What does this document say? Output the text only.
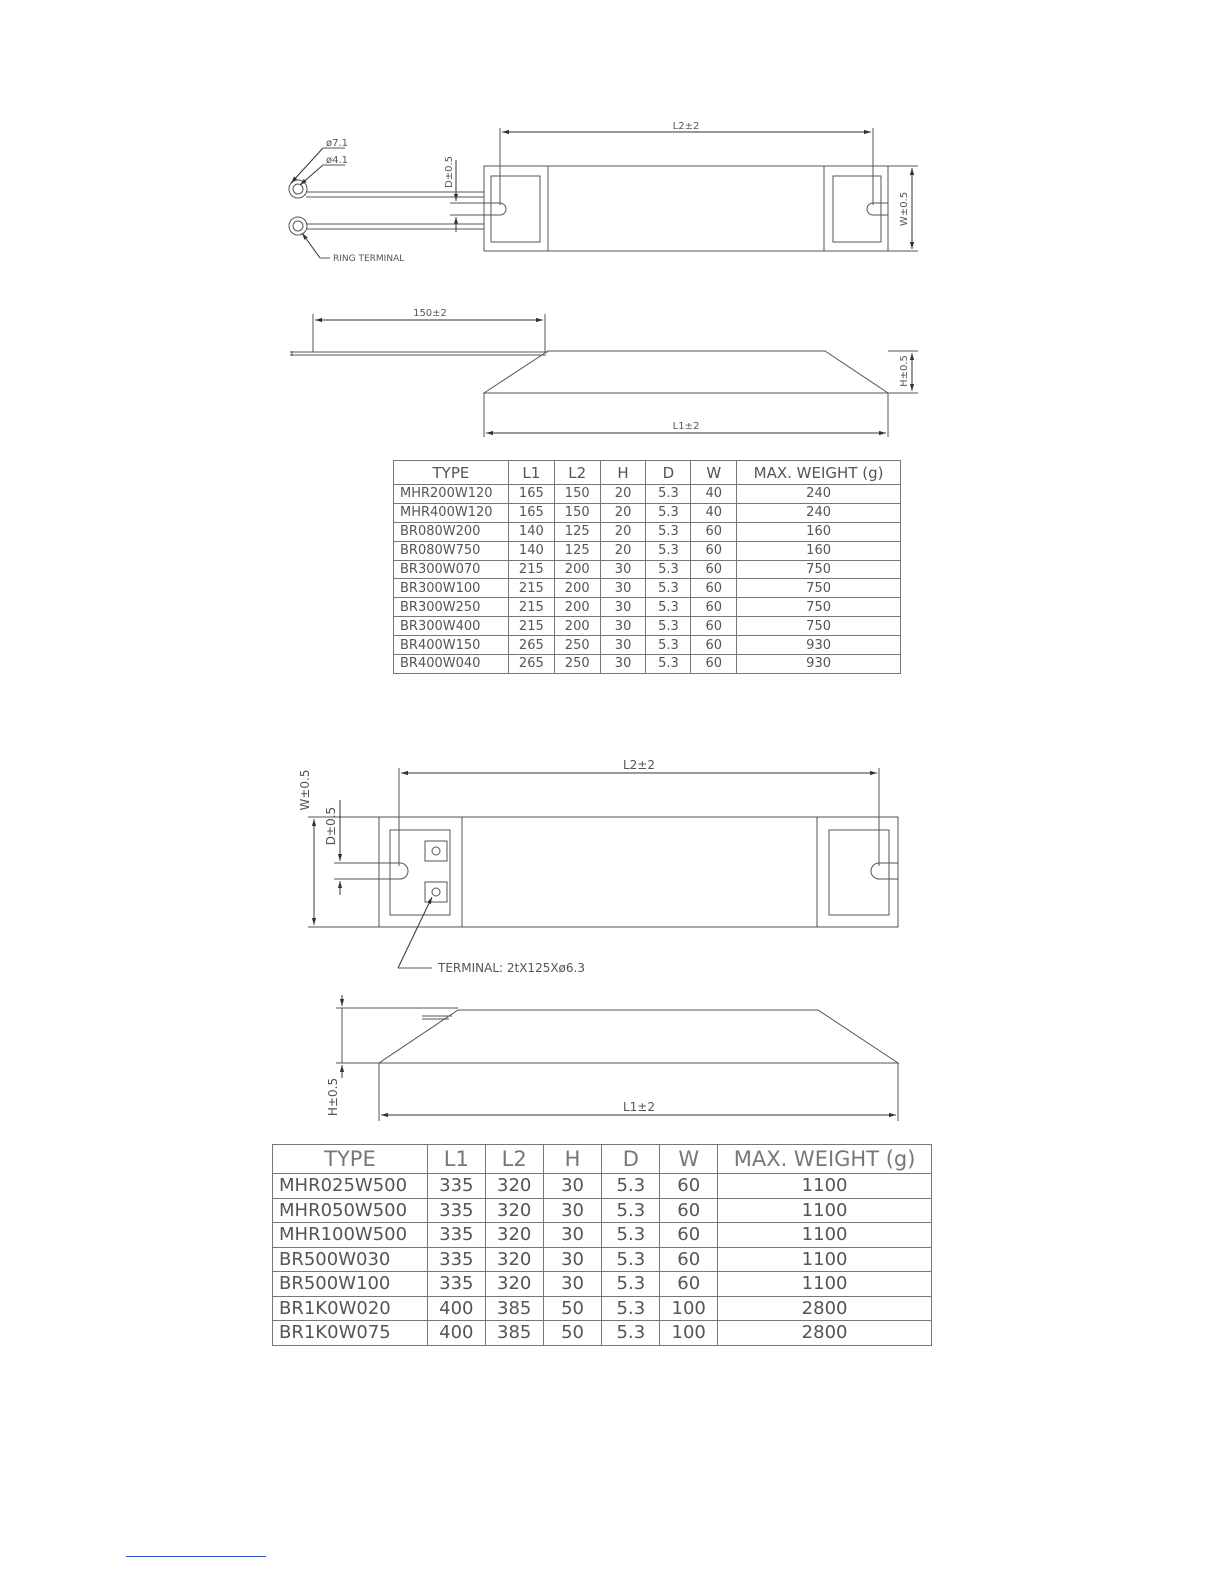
L2±2
ø7.1
ø4.1
RING TERMINAL
W±0.5
D±0.5
150±2
H±0.5
L1±2
L2±2
W±0.5
D±0.5
TERMINAL: 2tX125Xø6.3
H±0.5	L1±2
TYPE	L1	L2	H	D	W	MAX. WEIGHT (g)
MHR200W120	165	150	20	5.3	40	240
MHR400W120	165	150	20	5.3	40	240
BR080W200	140	125	20	5.3	60	160
BR080W750	140	125	20	5.3	60	160
BR300W070	215	200	30	5.3	60	750
BR300W100	215	200	30	5.3	60	750
BR300W250	215	200	30	5.3	60	750
BR300W400	215	200	30	5.3	60	750
BR400W150	265	250	30	5.3	60	930
BR400W040	265	250	30	5.3	60	930
TYPE	L1	L2	H	D	W	MAX. WEIGHT (g)
MHR025W500	335	320	30	5.3	60	1100
MHR050W500	335	320	30	5.3	60	1100
MHR100W500	335	320	30	5.3	60	1100
BR500W030	335	320	30	5.3	60	1100
BR500W100	335	320	30	5.3	60	1100
BR1K0W020	400	385	50	5.3	100	2800
BR1K0W075	400	385	50	5.3	100	2800
